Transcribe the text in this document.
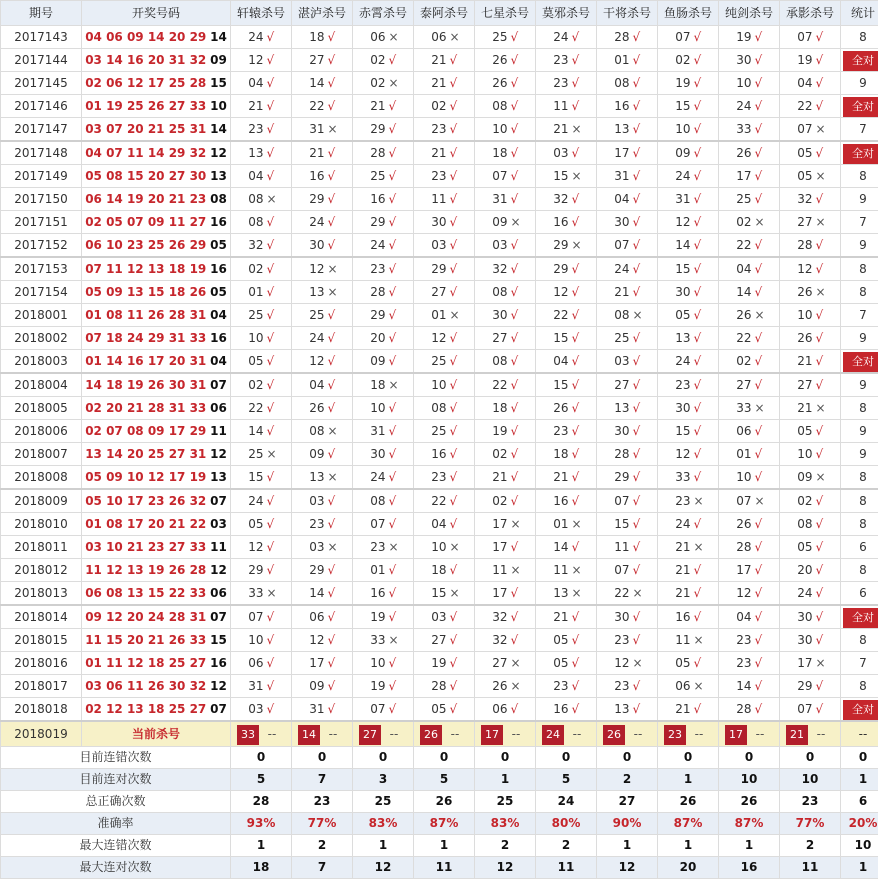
期号	开奖号码	轩辕杀号	湛泸杀号	赤霄杀号	泰阿杀号	七星杀号	莫邪杀号	干将杀号	鱼肠杀号	纯剑杀号	承影杀号	统计
2017143	04 06 09 14 20 29 14	24 √	18 √	06 ×	06 ×	25 √	24 √	28 √	07 √	19 √	07 √	8
2017144	03 14 16 20 31 32 09	12 √	27 √	02 √	21 √	26 √	23 √	01 √	02 √	30 √	19 √	全对
2017145	02 06 12 17 25 28 15	04 √	14 √	02 ×	21 √	26 √	23 √	08 √	19 √	10 √	04 √	9
2017146	01 19 25 26 27 33 10	21 √	22 √	21 √	02 √	08 √	11 √	16 √	15 √	24 √	22 √	全对
2017147	03 07 20 21 25 31 14	23 √	31 ×	29 √	23 √	10 √	21 ×	13 √	10 √	33 √	07 ×	7
2017148	04 07 11 14 29 32 12	13 √	21 √	28 √	21 √	18 √	03 √	17 √	09 √	26 √	05 √	全对
2017149	05 08 15 20 27 30 13	04 √	16 √	25 √	23 √	07 √	15 ×	31 √	24 √	17 √	05 ×	8
2017150	06 14 19 20 21 23 08	08 ×	29 √	16 √	11 √	31 √	32 √	04 √	31 √	25 √	32 √	9
2017151	02 05 07 09 11 27 16	08 √	24 √	29 √	30 √	09 ×	16 √	30 √	12 √	02 ×	27 ×	7
2017152	06 10 23 25 26 29 05	32 √	30 √	24 √	03 √	03 √	29 ×	07 √	14 √	22 √	28 √	9
2017153	07 11 12 13 18 19 16	02 √	12 ×	23 √	29 √	32 √	29 √	24 √	15 √	04 √	12 √	8
2017154	05 09 13 15 18 26 05	01 √	13 ×	28 √	27 √	08 √	12 √	21 √	30 √	14 √	26 ×	8
2018001	01 08 11 26 28 31 04	25 √	25 √	29 √	01 ×	30 √	22 √	08 ×	05 √	26 ×	10 √	7
2018002	07 18 24 29 31 33 16	10 √	24 √	20 √	12 √	27 √	15 √	25 √	13 √	22 √	26 √	9
2018003	01 14 16 17 20 31 04	05 √	12 √	09 √	25 √	08 √	04 √	03 √	24 √	02 √	21 √	全对
2018004	14 18 19 26 30 31 07	02 √	04 √	18 ×	10 √	22 √	15 √	27 √	23 √	27 √	27 √	9
2018005	02 20 21 28 31 33 06	22 √	26 √	10 √	08 √	18 √	26 √	13 √	30 √	33 ×	21 ×	8
2018006	02 07 08 09 17 29 11	14 √	08 ×	31 √	25 √	19 √	23 √	30 √	15 √	06 √	05 √	9
2018007	13 14 20 25 27 31 12	25 ×	09 √	30 √	16 √	02 √	18 √	28 √	12 √	01 √	10 √	9
2018008	05 09 10 12 17 19 13	15 √	13 ×	24 √	23 √	21 √	21 √	29 √	33 √	10 √	09 ×	8
2018009	05 10 17 23 26 32 07	24 √	03 √	08 √	22 √	02 √	16 √	07 √	23 ×	07 ×	02 √	8
2018010	01 08 17 20 21 22 03	05 √	23 √	07 √	04 √	17 ×	01 ×	15 √	24 √	26 √	08 √	8
2018011	03 10 21 23 27 33 11	12 √	03 ×	23 ×	10 ×	17 √	14 √	11 √	21 ×	28 √	05 √	6
2018012	11 12 13 19 26 28 12	29 √	29 √	01 √	18 √	11 ×	11 ×	07 √	21 √	17 √	20 √	8
2018013	06 08 13 15 22 33 06	33 ×	14 √	16 √	15 ×	17 √	13 ×	22 ×	21 √	12 √	24 √	6
2018014	09 12 20 24 28 31 07	07 √	06 √	19 √	03 √	32 √	21 √	30 √	16 √	04 √	30 √	全对
2018015	11 15 20 21 26 33 15	10 √	12 √	33 ×	27 √	32 √	05 √	23 √	11 ×	23 √	30 √	8
2018016	01 11 12 18 25 27 16	06 √	17 √	10 √	19 √	27 ×	05 √	12 ×	05 √	23 √	17 ×	7
2018017	03 06 11 26 30 32 12	31 √	09 √	19 √	28 √	26 ×	23 √	23 √	06 ×	14 √	29 √	8
2018018	02 12 13 18 25 27 07	03 √	31 √	07 √	05 √	06 √	16 √	13 √	21 √	28 √	07 √	全对
2018019	当前杀号	33 --	14 --	27 --	26 --	17 --	24 --	26 --	23 --	17 --	21 --	--
目前连错次数		0	0	0	0	0	0	0	0	0	0	0
目前连对次数		5	7	3	5	1	5	2	1	10	10	1
总正确次数		28	23	25	26	25	24	27	26	26	23	6
准确率		93%	77%	83%	87%	83%	80%	90%	87%	87%	77%	20%
最大连错次数		1	2	1	1	2	2	1	1	1	2	10
最大连对次数		18	7	12	11	12	11	12	20	16	11	1
